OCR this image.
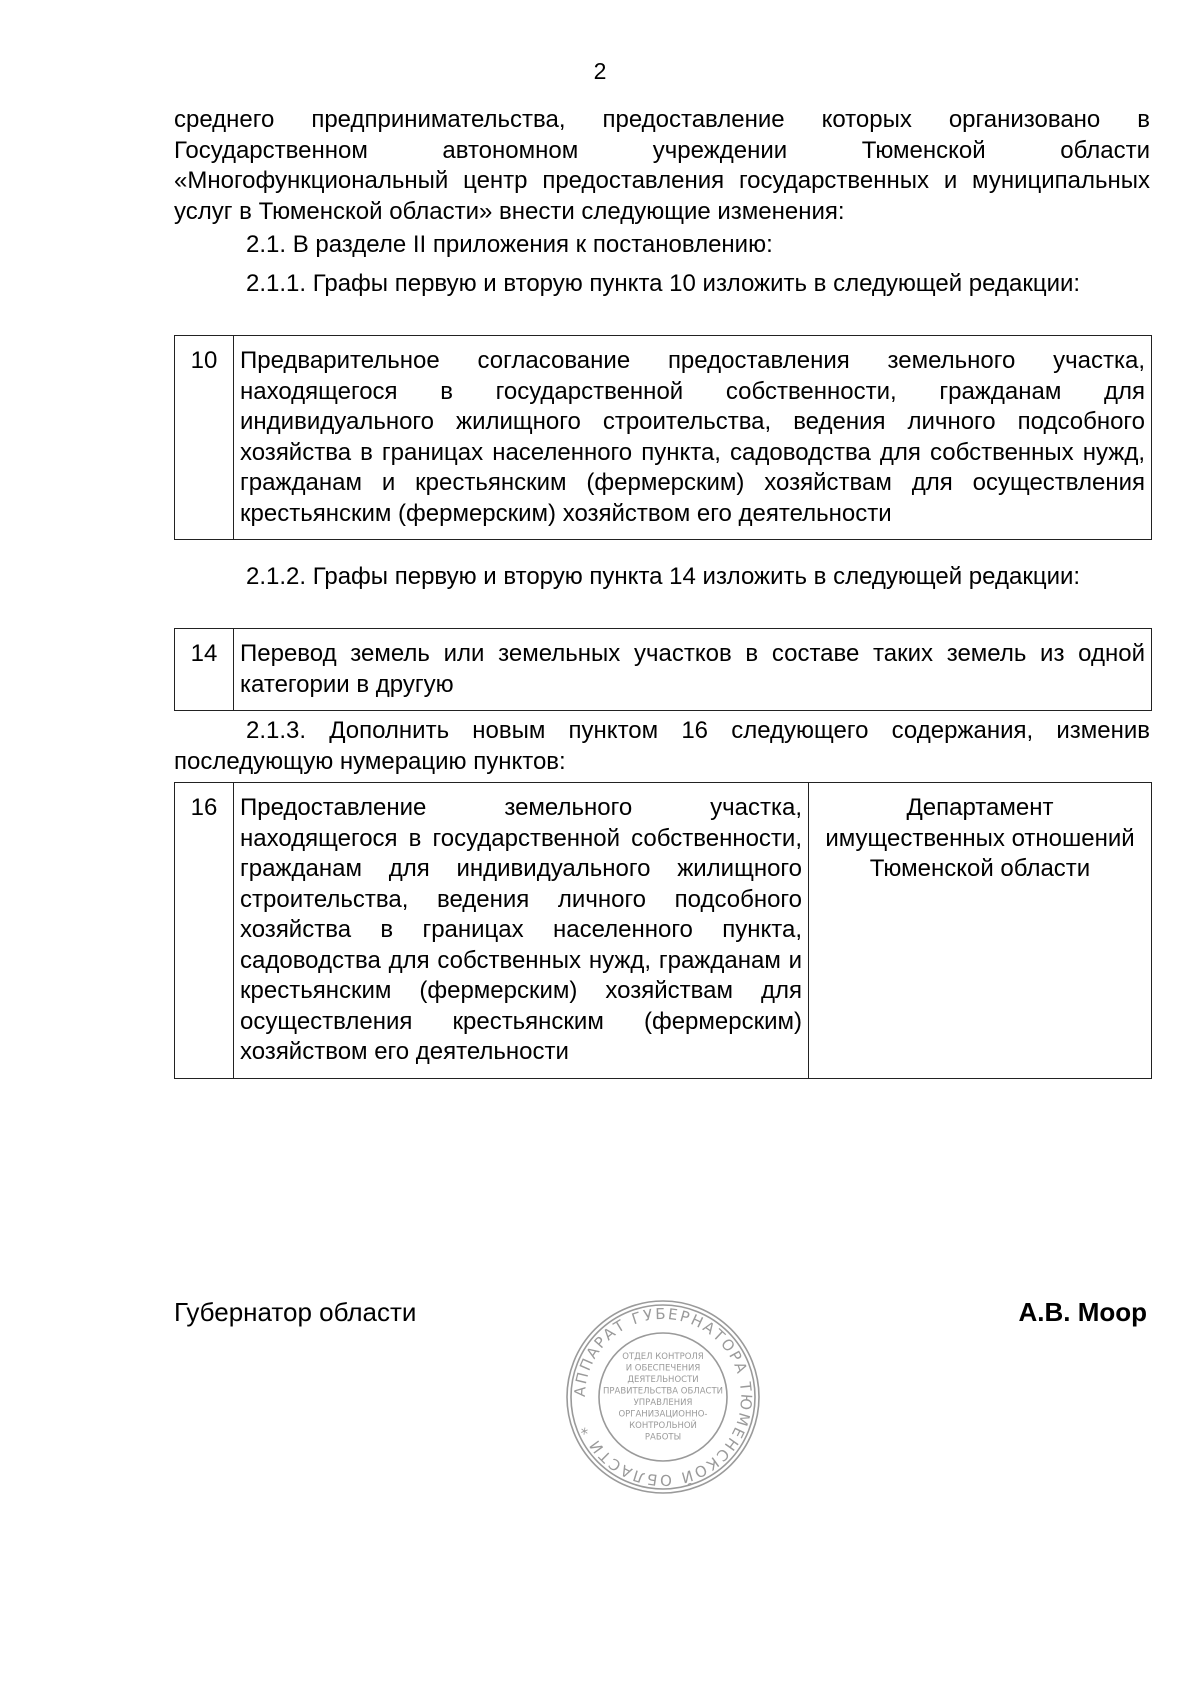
2
среднего предпринимательства, предоставление которых организовано в Государственном автономном учреждении Тюменской области «Многофункциональный центр предоставления государственных и муниципальных услуг в Тюменской области» внести следующие изменения:
2.1. В разделе II приложения к постановлению:
2.1.1. Графы первую и вторую пункта 10 изложить в следующей редакции:
10	Предварительное согласование предоставления земельного участка, находящегося в государственной собственности, гражданам для индивидуального жилищного строительства, ведения личного подсобного хозяйства в границах населенного пункта, садоводства для собственных нужд, гражданам и крестьянским (фермерским) хозяйствам для осуществления крестьянским (фермерским) хозяйством его деятельности
2.1.2. Графы первую и вторую пункта 14 изложить в следующей редакции:
14	Перевод земель или земельных участков в составе таких земель из одной категории в другую
2.1.3. Дополнить новым пунктом 16 следующего содержания, изменив последующую нумерацию пунктов:
16	Предоставление земельного участка, находящегося в государственной собственности, гражданам для индивидуального жилищного строительства, ведения личного подсобного хозяйства в границах населенного пункта, садоводства для собственных нужд, гражданам и крестьянским (фермерским) хозяйствам для осуществления крестьянским (фермерским) хозяйством его деятельности	Департамент имущественных отношений Тюменской области
Губернатор области	А.В. Моор
АППАРАТ ГУБЕРНАТОРА ТЮМЕНСКОЙ ОБЛАСТИ *
ОТДЕЛ КОНТРОЛЯ
И ОБЕСПЕЧЕНИЯ
ДЕЯТЕЛЬНОСТИ
ПРАВИТЕЛЬСТВА ОБЛАСТИ
УПРАВЛЕНИЯ
ОРГАНИЗАЦИОННО-
КОНТРОЛЬНОЙ
РАБОТЫ
